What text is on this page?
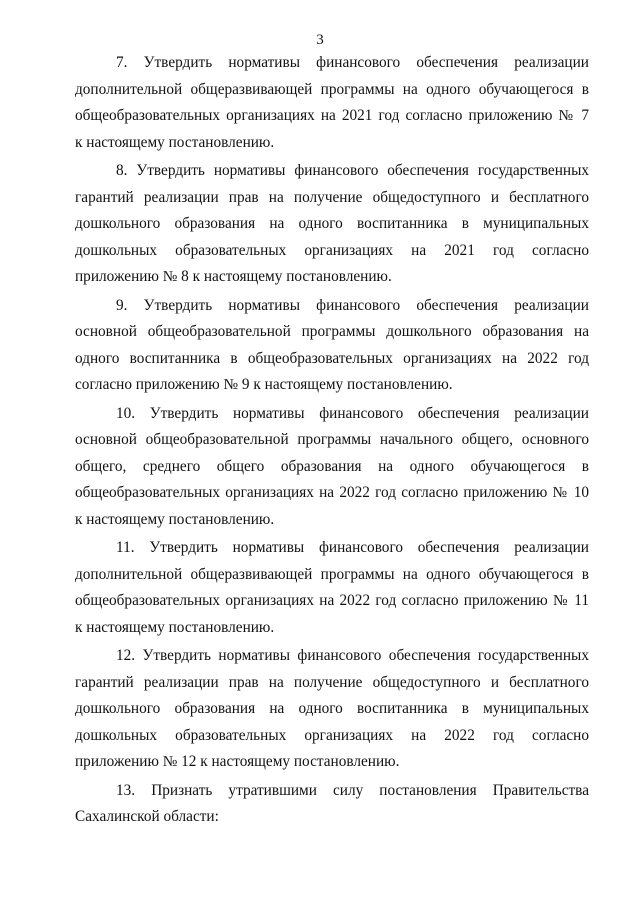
3
7. Утвердить нормативы финансового обеспечения реализации
дополнительной общеразвивающей программы на одного обучающегося в
общеобразовательных организациях на 2021 год согласно приложению № 7
к настоящему постановлению.
8. Утвердить нормативы финансового обеспечения государственных
гарантий реализации прав на получение общедоступного и бесплатного
дошкольного образования на одного воспитанника в муниципальных
дошкольных образовательных организациях на 2021 год согласно
приложению № 8 к настоящему постановлению.
9. Утвердить нормативы финансового обеспечения реализации
основной общеобразовательной программы дошкольного образования на
одного воспитанника в общеобразовательных организациях на 2022 год
согласно приложению № 9 к настоящему постановлению.
10. Утвердить нормативы финансового обеспечения реализации
основной общеобразовательной программы начального общего, основного
общего, среднего общего образования на одного обучающегося в
общеобразовательных организациях на 2022 год согласно приложению № 10
к настоящему постановлению.
11. Утвердить нормативы финансового обеспечения реализации
дополнительной общеразвивающей программы на одного обучающегося в
общеобразовательных организациях на 2022 год согласно приложению № 11
к настоящему постановлению.
12. Утвердить нормативы финансового обеспечения государственных
гарантий реализации прав на получение общедоступного и бесплатного
дошкольного образования на одного воспитанника в муниципальных
дошкольных образовательных организациях на 2022 год согласно
приложению № 12 к настоящему постановлению.
13. Признать утратившими силу постановления Правительства
Сахалинской области:
